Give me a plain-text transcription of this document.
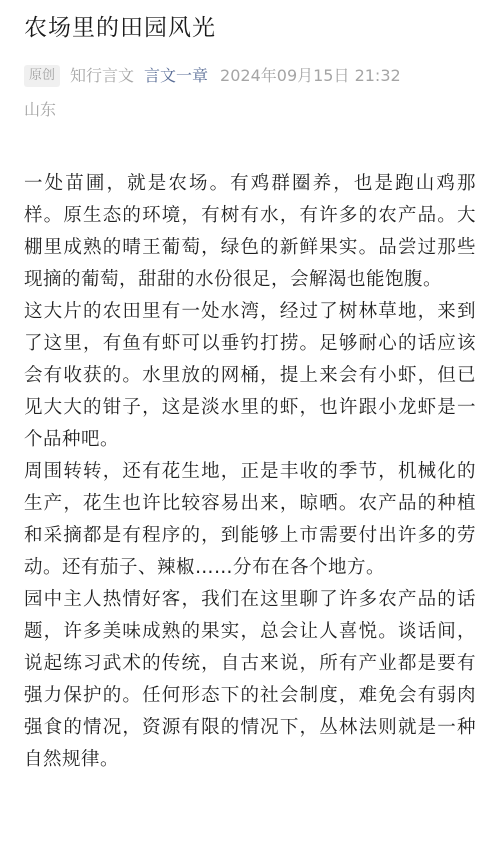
农场里的田园风光
原创 知行言文 言文一章 2024年09月15日 21:32
山东

一处苗圃，就是农场。有鸡群圈养，也是跑山鸡那样。原生态的环境，有树有水，有许多的农产品。大棚里成熟的晴王葡萄，绿色的新鲜果实。品尝过那些现摘的葡萄，甜甜的水份很足，会解渴也能饱腹。

这大片的农田里有一处水湾，经过了树林草地，来到了这里，有鱼有虾可以垂钓打捞。足够耐心的话应该会有收获的。水里放的网桶，提上来会有小虾，但已见大大的钳子，这是淡水里的虾，也许跟小龙虾是一个品种吧。

周围转转，还有花生地，正是丰收的季节，机械化的生产，花生也许比较容易出来，晾晒。农产品的种植和采摘都是有程序的，到能够上市需要付出许多的劳动。还有茄子、辣椒……分布在各个地方。

园中主人热情好客，我们在这里聊了许多农产品的话题，许多美味成熟的果实，总会让人喜悦。谈话间，说起练习武术的传统，自古来说，所有产业都是要有强力保护的。任何形态下的社会制度，难免会有弱肉强食的情况，资源有限的情况下，丛林法则就是一种自然规律。
